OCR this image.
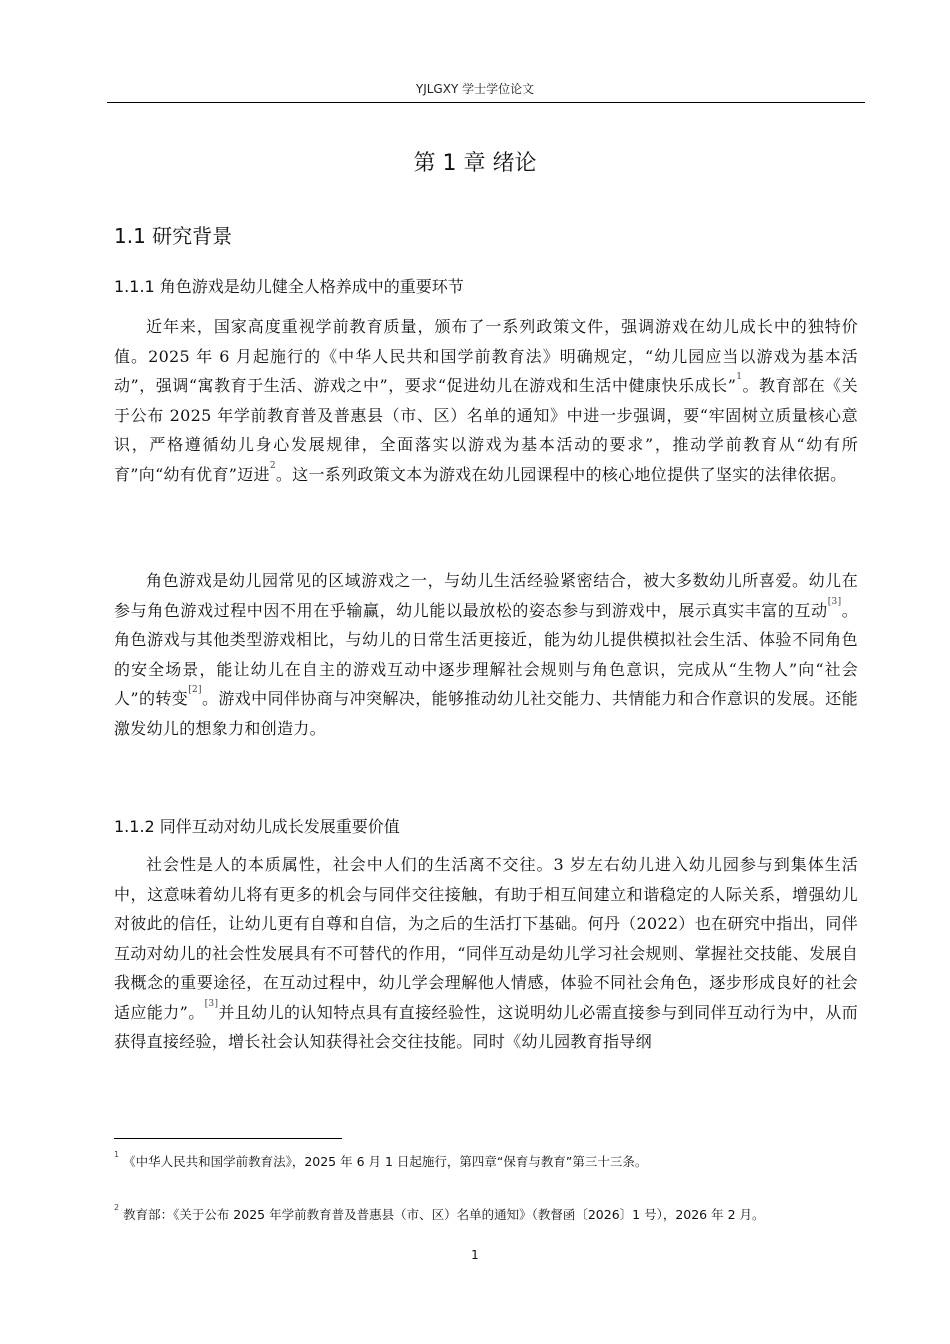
YJLGXY 学士学位论文
第 1 章 绪论
1.1 研究背景
1.1.1 角色游戏是幼儿健全人格养成中的重要环节

近年来，国家高度重视学前教育质量，颁布了一系列政策文件，强调游戏在幼儿成长中的独特价值。2025 年 6 月起施行的《中华人民共和国学前教育法》明确规定，“幼儿园应当以游戏为基本活动”，强调“寓教育于生活、游戏之中”，要求“促进幼儿在游戏和生活中健康快乐成长”$^1$。教育部在《关于公布 2025 年学前教育普及普惠县（市、区）名单的通知》中进一步强调，要“牢固树立质量核心意识，严格遵循幼儿身心发展规律，全面落实以游戏为基本活动的要求”，推动学前教育从“幼有所育”向“幼有优育”迈进$^2$。这一系列政策文本为游戏在幼儿园课程中的核心地位提供了坚实的法律依据。

角色游戏是幼儿园常见的区域游戏之一，与幼儿生活经验紧密结合，被大多数幼儿所喜爱。幼儿在参与角色游戏过程中因不用在乎输赢，幼儿能以最放松的姿态参与到游戏中，展示真实丰富的互动[3]。角色游戏与其他类型游戏相比，与幼儿的日常生活更接近，能为幼儿提供模拟社会生活、体验不同角色的安全场景，能让幼儿在自主的游戏互动中逐步理解社会规则与角色意识，完成从“生物人”向“社会人”的转变[2]。游戏中同伴协商与冲突解决，能够推动幼儿社交能力、共情能力和合作意识的发展。还能激发幼儿的想象力和创造力。

1.1.2 同伴互动对幼儿成长发展重要价值

社会性是人的本质属性，社会中人们的生活离不交往。3 岁左右幼儿进入幼儿园参与到集体生活中，这意味着幼儿将有更多的机会与同伴交往接触，有助于相互间建立和谐稳定的人际关系，增强幼儿对彼此的信任，让幼儿更有自尊和自信，为之后的生活打下基础。何丹（2022）也在研究中指出，同伴互动对幼儿的社会性发展具有不可替代的作用，“同伴互动是幼儿学习社会规则、掌握社交技能、发展自我概念的重要途径，在互动过程中，幼儿学会理解他人情感，体验不同社会角色，逐步形成良好的社会适应能力”。[3]并且幼儿的认知特点具有直接经验性，这说明幼儿必需直接参与到同伴互动行为中，从而获得直接经验，增长社会认知获得社会交往技能。同时《幼儿园教育指导纲

$^1$ 《中华人民共和国学前教育法》，2025 年 6 月 1 日起施行，第四章“保育与教育”第三十三条。
$^2$ 教育部：《关于公布 2025 年学前教育普及普惠县（市、区）名单的通知》（教督函〔2026〕1 号），2026 年 2 月。
1
